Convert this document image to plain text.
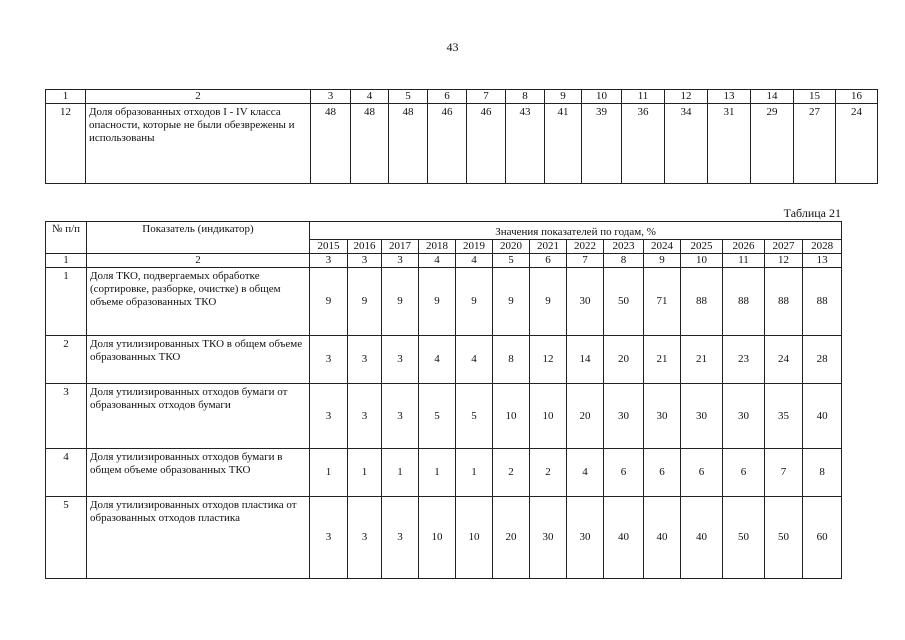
43
1	2	3	4	5	6	7	8	9	10	11	12	13	14	15	16
12	Доля образованных отходов I - IV класса опасности, которые не были обезврежены и использованы	48	48	48	46	46	43	41	39	36	34	31	29	27	24
Таблица 21
№ п/п	Показатель (индикатор)	Значения показателей по годам, %													
		2015	2016	2017	2018	2019	2020	2021	2022	2023	2024	2025	2026	2027	2028
1	2	3	3	3	4	4	5	6	7	8	9	10	11	12	13
1	Доля ТКО, подвергаемых обработке (сортировке, разборке, очистке) в общем объеме образованных ТКО	9	9	9	9	9	9	9	30	50	71	88	88	88	88
2	Доля утилизированных ТКО в общем объеме образованных ТКО	3	3	3	4	4	8	12	14	20	21	21	23	24	28
3	Доля утилизированных отходов бумаги от образованных отходов бумаги	3	3	3	5	5	10	10	20	30	30	30	30	35	40
4	Доля утилизированных отходов бумаги в общем объеме образованных ТКО	1	1	1	1	1	2	2	4	6	6	6	6	7	8
5	Доля утилизированных отходов пластика от образованных отходов пластика	3	3	3	10	10	20	30	30	40	40	40	50	50	60
